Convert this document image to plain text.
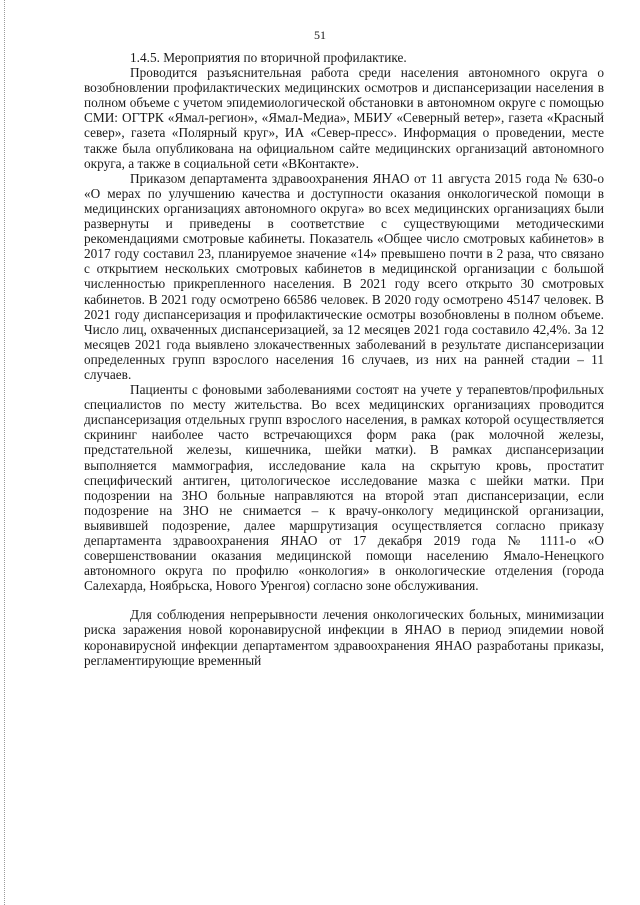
51

1.4.5. Мероприятия по вторичной профилактике.

Проводится разъяснительная работа среди населения автономного округа о возобновлении профилактических медицинских осмотров и диспансеризации населения в полном объеме с учетом эпидемиологической обстановки в автономном округе с помощью СМИ: ОГТРК «Ямал-регион», «Ямал-Медиа», МБИУ «Северный ветер», газета «Красный север», газета «Полярный круг», ИА «Север-пресс». Информация о проведении, месте также была опубликована на официальном сайте медицинских организаций автономного округа, а также в социальной сети «ВКонтакте».

Приказом департамента здравоохранения ЯНАО от 11 августа 2015 года № 630-о «О мерах по улучшению качества и доступности оказания онкологической помощи в медицинских организациях автономного округа» во всех медицинских организациях были развернуты и приведены в соответствие с существующими методическими рекомендациями смотровые кабинеты. Показатель «Общее число смотровых кабинетов» в 2017 году составил 23, планируемое значение «14» превышено почти в 2 раза, что связано с открытием нескольких смотровых кабинетов в медицинской организации с большой численностью прикрепленного населения. В 2021 году всего открыто 30 смотровых кабинетов. В 2021 году осмотрено 66586 человек. В 2020 году осмотрено 45147 человек. В 2021 году диспансеризация и профилактические осмотры возобновлены в полном объеме. Число лиц, охваченных диспансеризацией, за 12 месяцев 2021 года составило 42,4%. За 12 месяцев 2021 года выявлено злокачественных заболеваний в результате диспансеризации определенных групп взрослого населения 16 случаев, из них на ранней стадии – 11 случаев.

Пациенты с фоновыми заболеваниями состоят на учете у терапевтов/профильных специалистов по месту жительства. Во всех медицинских организациях проводится диспансеризация отдельных групп взрослого населения, в рамках которой осуществляется скрининг наиболее часто встречающихся форм рака (рак молочной железы, предстательной железы, кишечника, шейки матки). В рамках диспансеризации выполняется маммография, исследование кала на скрытую кровь, простатит специфический антиген, цитологическое исследование мазка с шейки матки. При подозрении на ЗНО больные направляются на второй этап диспансеризации, если подозрение на ЗНО не снимается – к врачу-онкологу медицинской организации, выявившей подозрение, далее маршрутизация осуществляется согласно приказу департамента здравоохранения ЯНАО от 17 декабря 2019 года № 1111-о «О совершенствовании оказания медицинской помощи населению Ямало-Ненецкого автономного округа по профилю «онкология» в онкологические отделения (города Салехарда, Ноябрьска, Нового Уренгоя) согласно зоне обслуживания.

Для соблюдения непрерывности лечения онкологических больных, минимизации риска заражения новой коронавирусной инфекции в ЯНАО в период эпидемии новой коронавирусной инфекции департаментом здравоохранения ЯНАО разработаны приказы, регламентирующие временный
